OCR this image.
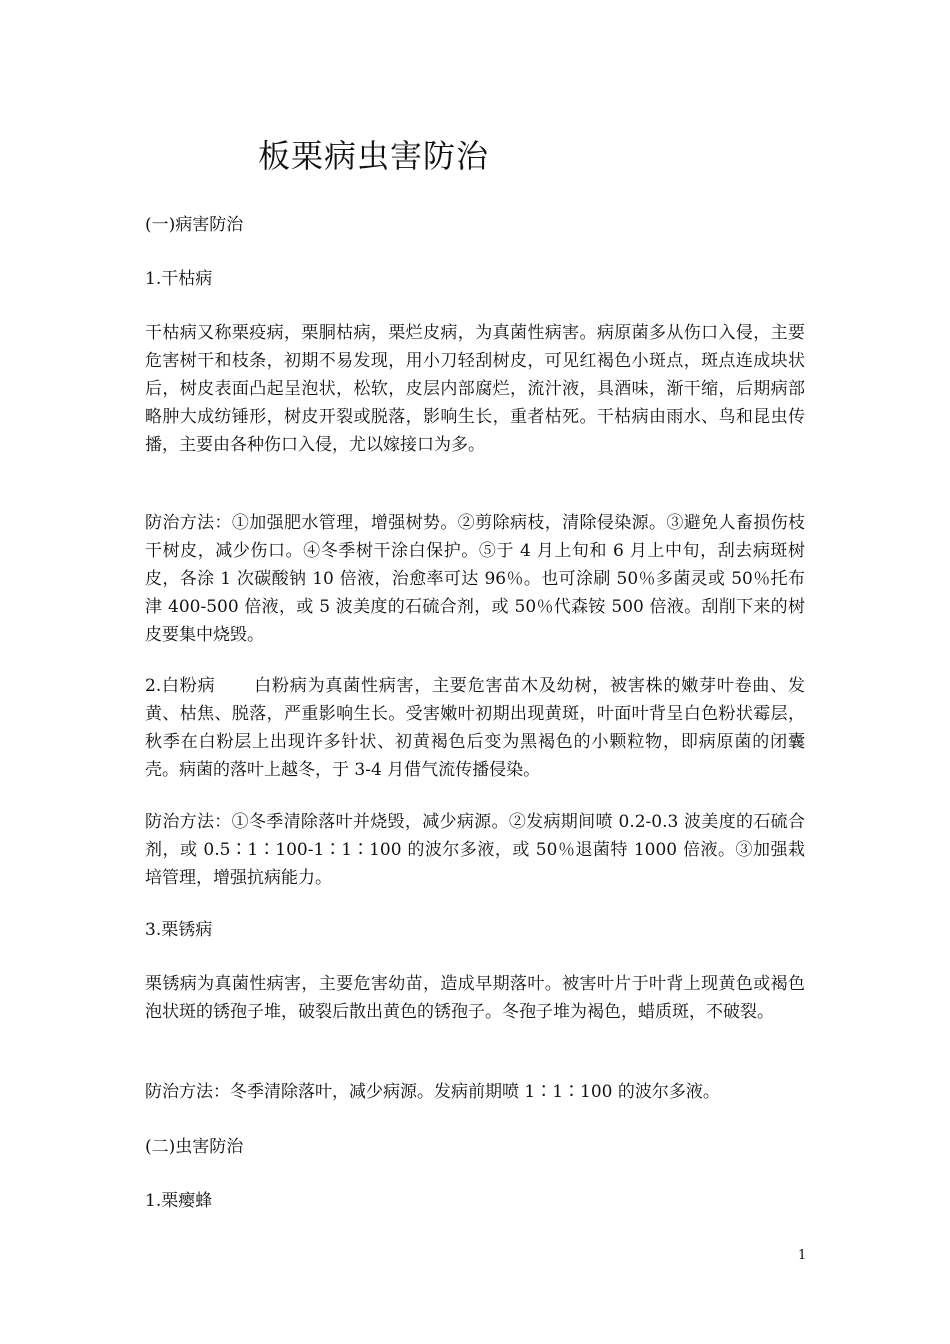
板栗病虫害防治

(一)病害防治

1.干枯病

干枯病又称栗疫病，栗胴枯病，栗烂皮病，为真菌性病害。病原菌多从伤口入侵，主要危害树干和枝条，初期不易发现，用小刀轻刮树皮，可见红褐色小斑点，斑点连成块状后，树皮表面凸起呈泡状，松软，皮层内部腐烂，流汁液，具酒味，渐干缩，后期病部略肿大成纺锤形，树皮开裂或脱落，影响生长，重者枯死。干枯病由雨水、鸟和昆虫传播，主要由各种伤口入侵，尤以嫁接口为多。

防治方法：①加强肥水管理，增强树势。②剪除病枝，清除侵染源。③避免人畜损伤枝干树皮，减少伤口。④冬季树干涂白保护。⑤于 4 月上旬和 6 月上中旬，刮去病斑树皮，各涂 1 次碳酸钠 10 倍液，治愈率可达 96％。也可涂刷 50％多菌灵或 50％托布津 400-500 倍液，或 5 波美度的石硫合剂，或 50％代森铵 500 倍液。刮削下来的树皮要集中烧毁。

2.白粉病 白粉病为真菌性病害，主要危害苗木及幼树，被害株的嫩芽叶卷曲、发黄、枯焦、脱落，严重影响生长。受害嫩叶初期出现黄斑，叶面叶背呈白色粉状霉层，秋季在白粉层上出现许多针状、初黄褐色后变为黑褐色的小颗粒物，即病原菌的闭囊壳。病菌的落叶上越冬，于 3-4 月借气流传播侵染。

防治方法：①冬季清除落叶并烧毁，减少病源。②发病期间喷 0.2-0.3 波美度的石硫合剂，或 0.5∶1∶100-1∶1∶100 的波尔多液，或 50％退菌特 1000 倍液。③加强栽培管理，增强抗病能力。

3.栗锈病

栗锈病为真菌性病害，主要危害幼苗，造成早期落叶。被害叶片于叶背上现黄色或褐色泡状斑的锈孢子堆，破裂后散出黄色的锈孢子。冬孢子堆为褐色，蜡质斑，不破裂。

防治方法：冬季清除落叶，减少病源。发病前期喷 1∶1∶100 的波尔多液。

(二)虫害防治

1.栗瘿蜂

1
